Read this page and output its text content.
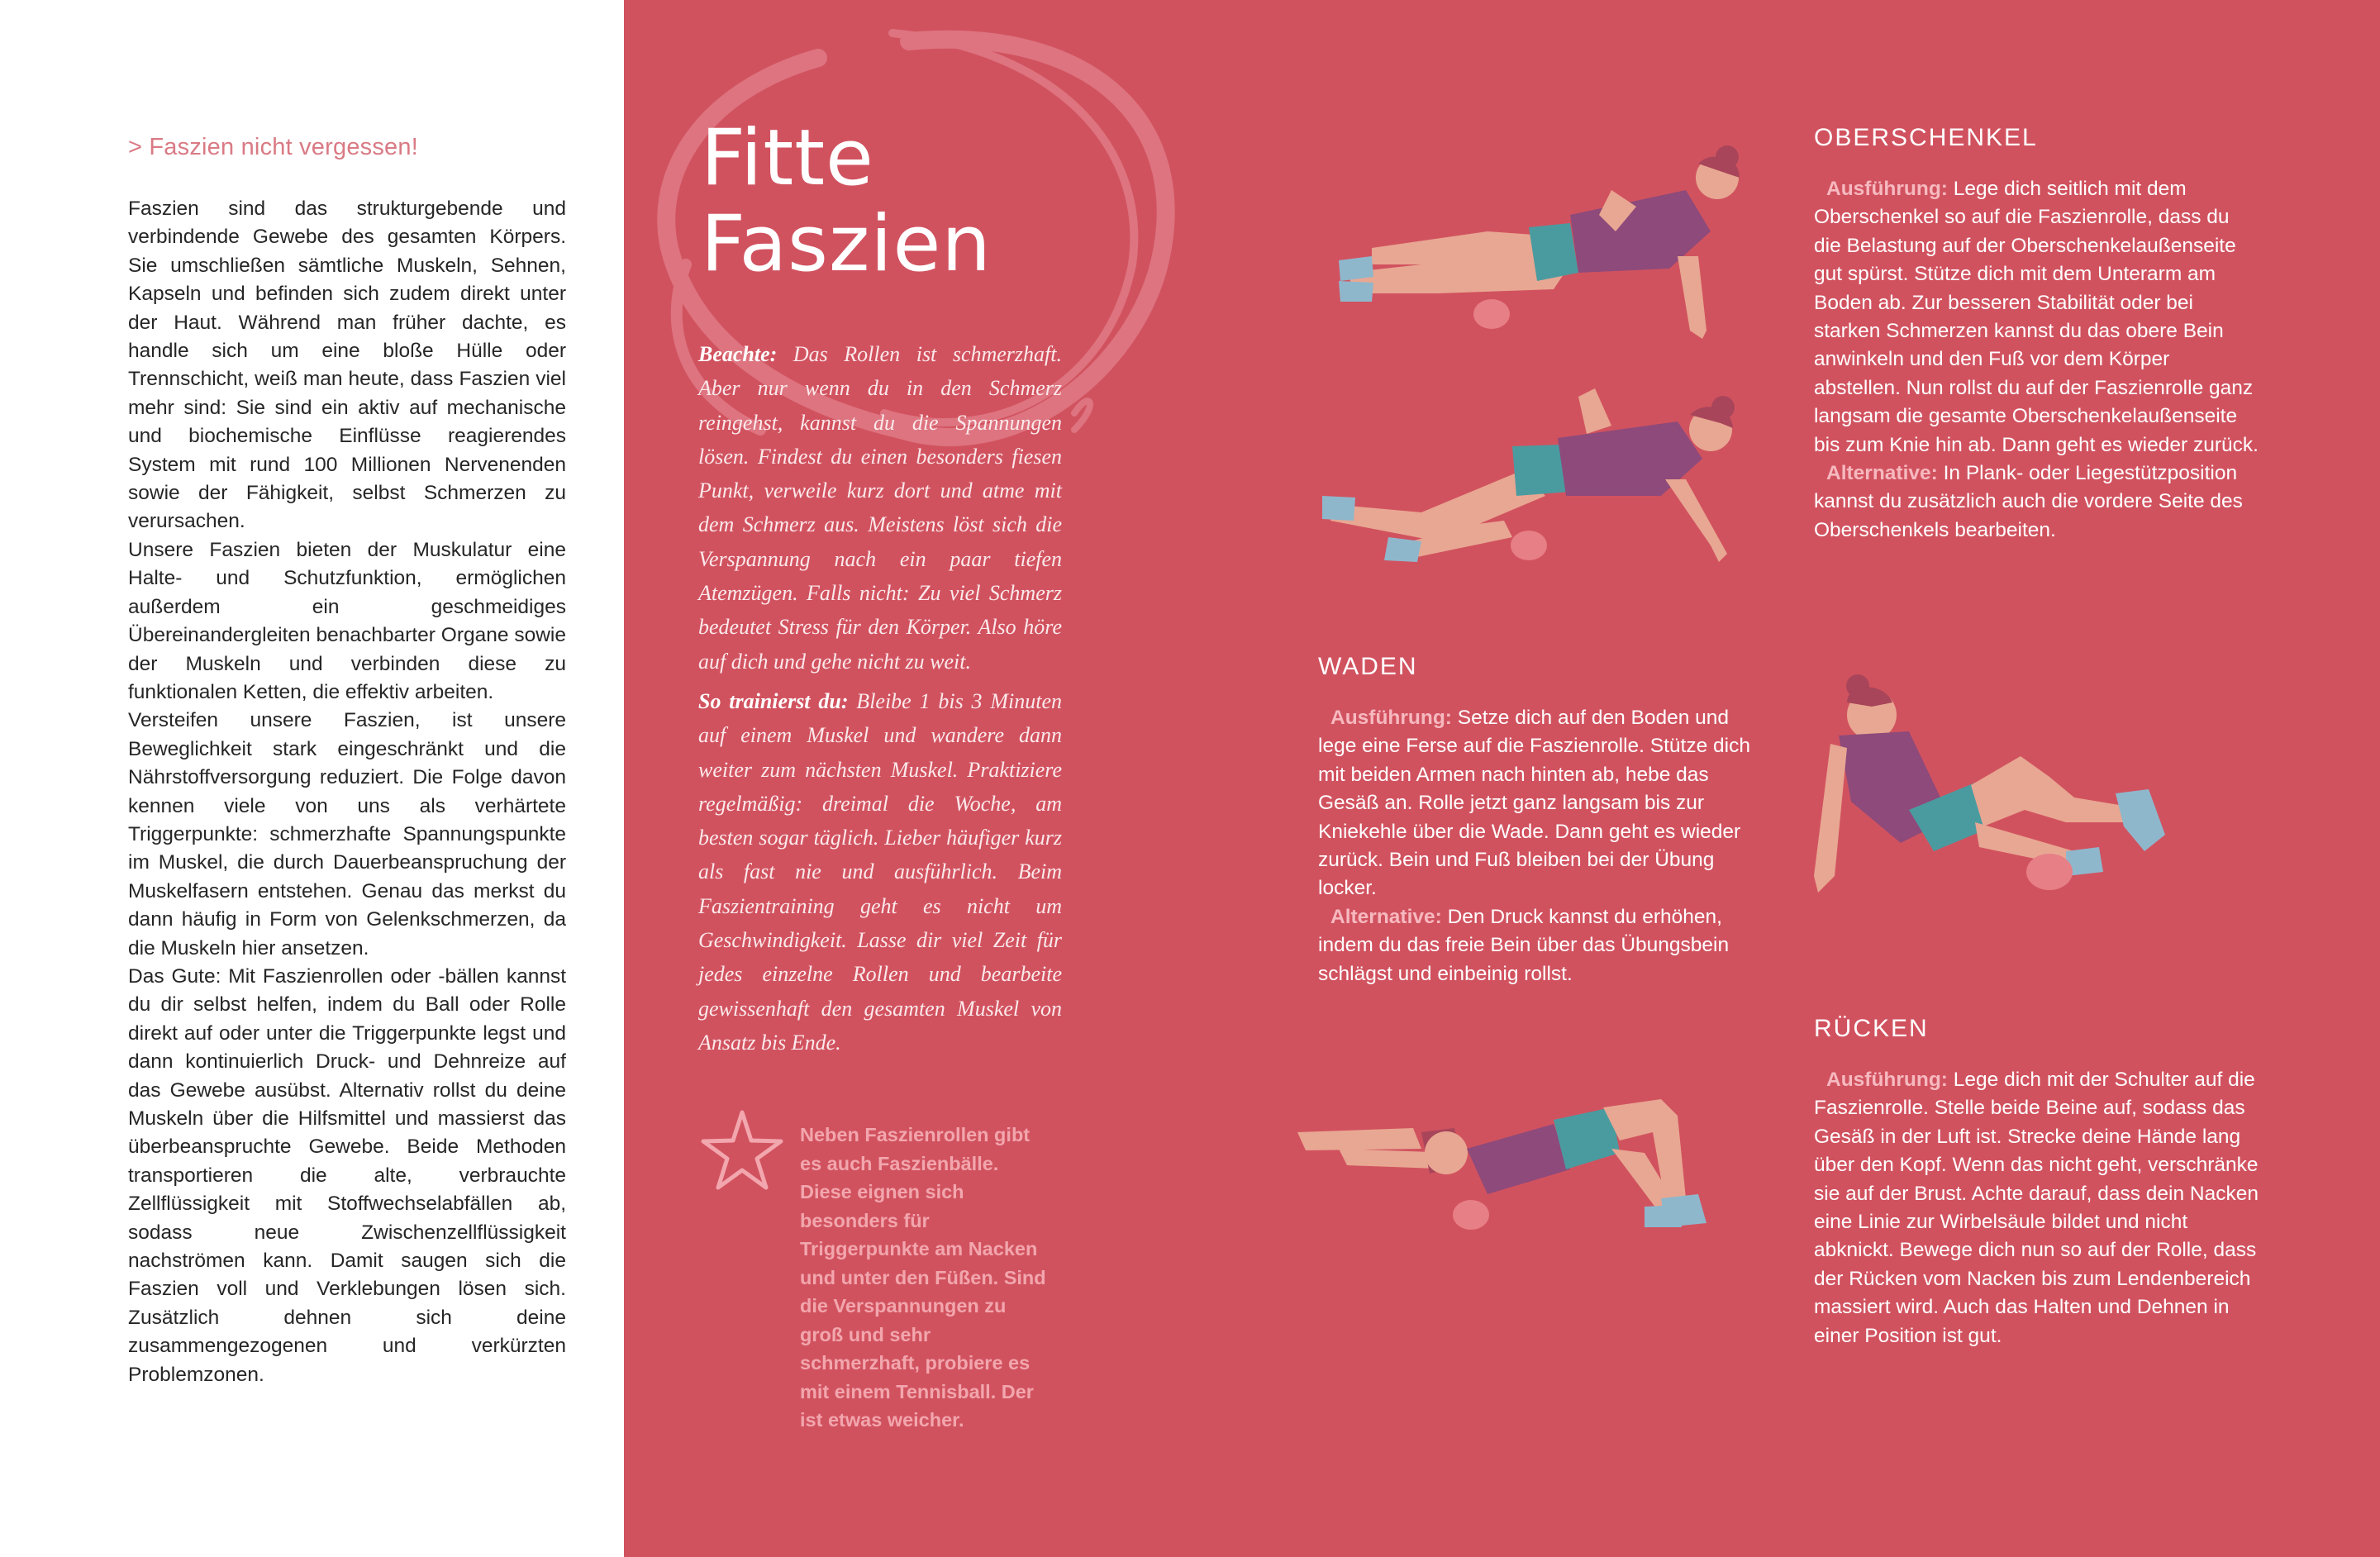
> Faszien nicht vergessen!

Faszien sind das strukturgebende und verbindende Gewebe des gesamten Körpers. Sie umschließen sämtliche Muskeln, Sehnen, Kapseln und befinden sich zudem direkt unter der Haut. Während man früher dachte, es handle sich um eine bloße Hülle oder Trennschicht, weiß man heute, dass Faszien viel mehr sind: Sie sind ein aktiv auf mechanische und biochemische Einflüsse reagierendes System mit rund 100 Millionen Nervenenden sowie der Fähigkeit, selbst Schmerzen zu verursachen.

Unsere Faszien bieten der Muskulatur eine Halte- und Schutzfunktion, ermöglichen außerdem ein geschmeidiges Übereinandergleiten benachbarter Organe sowie der Muskeln und verbinden diese zu funktionalen Ketten, die effektiv arbeiten.

Versteifen unsere Faszien, ist unsere Beweglichkeit stark eingeschränkt und die Nährstoffversorgung reduziert. Die Folge davon kennen viele von uns als verhärtete Triggerpunkte: schmerzhafte Spannungspunkte im Muskel, die durch Dauerbeanspruchung der Muskelfasern entstehen. Genau das merkst du dann häufig in Form von Gelenkschmerzen, da die Muskeln hier ansetzen.

Das Gute: Mit Faszienrollen oder -bällen kannst du dir selbst helfen, indem du Ball oder Rolle direkt auf oder unter die Triggerpunkte legst und dann kontinuierlich Druck- und Dehnreize auf das Gewebe ausübst. Alternativ rollst du deine Muskeln über die Hilfsmittel und massierst das überbeanspruchte Gewebe. Beide Methoden transportieren die alte, verbrauchte Zellflüssigkeit mit Stoffwechselabfällen ab, sodass neue Zwischenzellflüssigkeit nachströmen kann. Damit saugen sich die Faszien voll und Verklebungen lösen sich. Zusätzlich dehnen sich deine zusammengezogenen und verkürzten Problemzonen.

Fitte
Faszien

Beachte: Das Rollen ist schmerzhaft. Aber nur wenn du in den Schmerz reingehst, kannst du die Spannungen lösen. Findest du einen besonders fiesen Punkt, verweile kurz dort und atme mit dem Schmerz aus. Meistens löst sich die Verspannung nach ein paar tiefen Atemzügen. Falls nicht: Zu viel Schmerz bedeutet Stress für den Körper. Also höre auf dich und gehe nicht zu weit.

So trainierst du: Bleibe 1 bis 3 Minuten auf einem Muskel und wandere dann weiter zum nächsten Muskel. Praktiziere regelmäßig: dreimal die Woche, am besten sogar täglich. Lieber häufiger kurz als fast nie und ausführlich. Beim Faszientraining geht es nicht um Geschwindigkeit. Lasse dir viel Zeit für jedes einzelne Rollen und bearbeite gewissenhaft den gesamten Muskel von Ansatz bis Ende.

Neben Faszienrollen gibt es auch Faszienbälle. Diese eignen sich besonders für Triggerpunkte am Nacken und unter den Füßen. Sind die Verspannungen zu groß und sehr schmerzhaft, probiere es mit einem Tennisball. Der ist etwas weicher.
OBERSCHENKEL

Ausführung: Lege dich seitlich mit dem Oberschenkel so auf die Faszienrolle, dass du die Belastung auf der Oberschenkelaußenseite gut spürst. Stütze dich mit dem Unterarm am Boden ab. Zur besseren Stabilität oder bei starken Schmerzen kannst du das obere Bein anwinkeln und den Fuß vor dem Körper abstellen. Nun rollst du auf der Faszienrolle ganz langsam die gesamte Oberschenkelaußenseite bis zum Knie hin ab. Dann geht es wieder zurück.

Alternative: In Plank- oder Liegestützposition kannst du zusätzlich auch die vordere Seite des Oberschenkels bearbeiten.

WADEN

Ausführung: Setze dich auf den Boden und lege eine Ferse auf die Faszienrolle. Stütze dich mit beiden Armen nach hinten ab, hebe das Gesäß an. Rolle jetzt ganz langsam bis zur Kniekehle über die Wade. Dann geht es wieder zurück. Bein und Fuß bleiben bei der Übung locker.

Alternative: Den Druck kannst du erhöhen, indem du das freie Bein über das Übungsbein schlägst und einbeinig rollst.

RÜCKEN

Ausführung: Lege dich mit der Schulter auf die Faszienrolle. Stelle beide Beine auf, sodass das Gesäß in der Luft ist. Strecke deine Hände lang über den Kopf. Wenn das nicht geht, verschränke sie auf der Brust. Achte darauf, dass dein Nacken eine Linie zur Wirbelsäule bildet und nicht abknickt. Bewege dich nun so auf der Rolle, dass der Rücken vom Nacken bis zum Lendenbereich massiert wird. Auch das Halten und Dehnen in einer Position ist gut.
